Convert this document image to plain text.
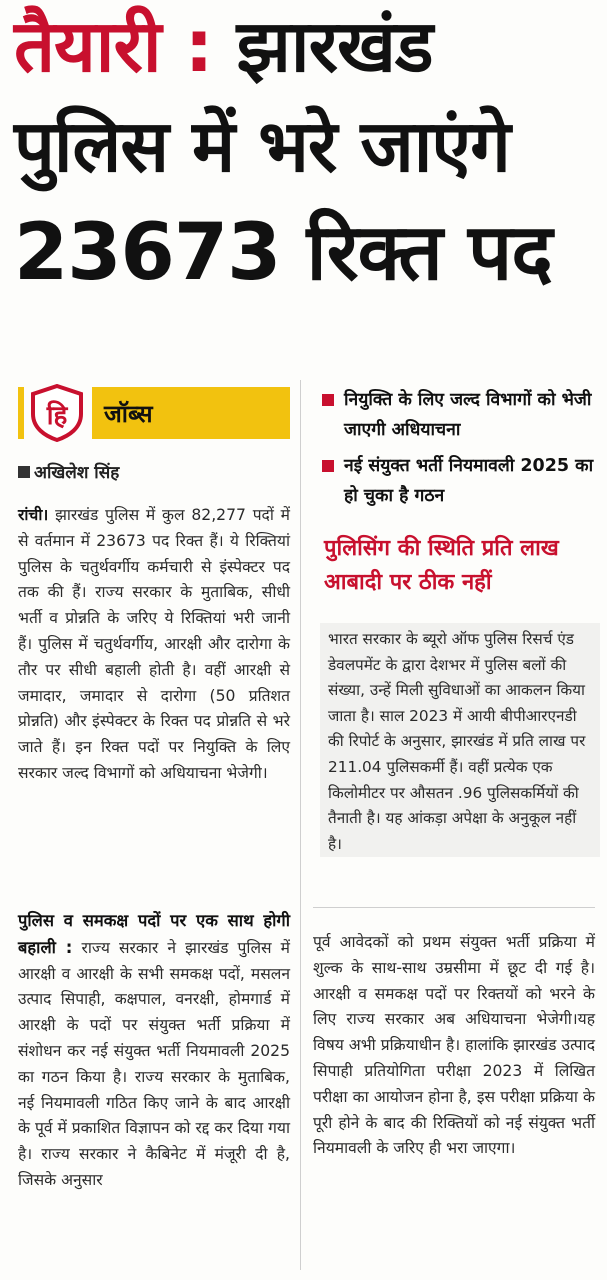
तैयारी : झारखंड
पुलिस में भरे जाएंगे
23673 रिक्त पद
हि जॉब्स
अखिलेश सिंह

रांची। झारखंड पुलिस में कुल 82,277 पदों में से वर्तमान में 23673 पद रिक्त हैं। ये रिक्तियां पुलिस के चतुर्थवर्गीय कर्मचारी से इंस्पेक्टर पद तक की हैं। राज्य सरकार के मुताबिक, सीधी भर्ती व प्रोन्नति के जरिए ये रिक्तियां भरी जानी हैं। पुलिस में चतुर्थवर्गीय, आरक्षी और दारोगा के तौर पर सीधी बहाली होती है। वहीं आरक्षी से जमादार, जमादार से दारोगा (50 प्रतिशत प्रोन्नति) और इंस्पेक्टर के रिक्त पद प्रोन्नति से भरे जाते हैं। इन रिक्त पदों पर नियुक्ति के लिए सरकार जल्द विभागों को अधियाचना भेजेगी।

पुलिस व समकक्ष पदों पर एक साथ होगी बहाली : राज्य सरकार ने झारखंड पुलिस में आरक्षी व आरक्षी के सभी समकक्ष पदों, मसलन उत्पाद सिपाही, कक्षपाल, वनरक्षी, होमगार्ड में आरक्षी के पदों पर संयुक्त भर्ती प्रक्रिया में संशोधन कर नई संयुक्त भर्ती नियमावली 2025 का गठन किया है। राज्य सरकार के मुताबिक, नई नियमावली गठित किए जाने के बाद आरक्षी के पूर्व में प्रकाशित विज्ञापन को रद्द कर दिया गया है। राज्य सरकार ने कैबिनेट में मंजूरी दी है, जिसके अनुसार

नियुक्ति के लिए जल्द विभागों को भेजी जाएगी अधियाचना
नई संयुक्त भर्ती नियमावली 2025 का हो चुका है गठन
पुलिसिंग की स्थिति प्रति लाख आबादी पर ठीक नहीं

भारत सरकार के ब्यूरो ऑफ पुलिस रिसर्च एंड डेवलपमेंट के द्वारा देशभर में पुलिस बलों की संख्या, उन्हें मिली सुविधाओं का आकलन किया जाता है। साल 2023 में आयी बीपीआरएनडी की रिपोर्ट के अनुसार, झारखंड में प्रति लाख पर 211.04 पुलिसकर्मी हैं। वहीं प्रत्येक एक किलोमीटर पर औसतन .96 पुलिसकर्मियों की तैनाती है। यह आंकड़ा अपेक्षा के अनुकूल नहीं है।

पूर्व आवेदकों को प्रथम संयुक्त भर्ती प्रक्रिया में शुल्क के साथ-साथ उम्रसीमा में छूट दी गई है। आरक्षी व समकक्ष पदों पर रिक्तयों को भरने के लिए राज्य सरकार अब अधियाचना भेजेगी।यह विषय अभी प्रक्रियाधीन है। हालांकि झारखंड उत्पाद सिपाही प्रतियोगिता परीक्षा 2023 में लिखित परीक्षा का आयोजन होना है, इस परीक्षा प्रक्रिया के पूरी होने के बाद की रिक्तियों को नई संयुक्त भर्ती नियमावली के जरिए ही भरा जाएगा।
